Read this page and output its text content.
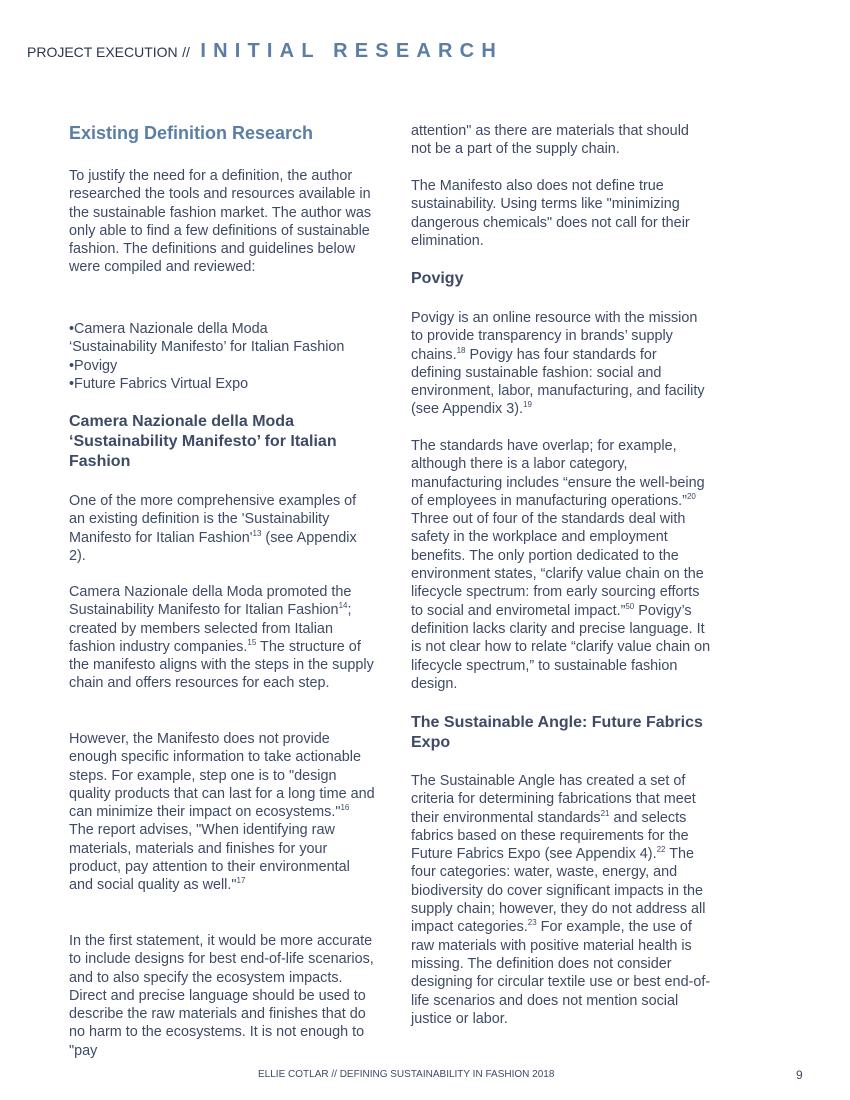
PROJECT EXECUTION // INITIAL RESEARCH
Existing Definition Research

To justify the need for a definition, the author researched the tools and resources available in the sustainable fashion market. The author was only able to find a few definitions of sustainable fashion. The definitions and guidelines below were compiled and reviewed:

•Camera Nazionale della Moda
‘Sustainability Manifesto’ for Italian Fashion
•Povigy
•Future Fabrics Virtual Expo
Camera Nazionale della Moda ‘Sustainability Manifesto’ for Italian Fashion

One of the more comprehensive examples of an existing definition is the 'Sustainability Manifesto for Italian $Fashion'^{13}$ (see Appendix 2).

Camera Nazionale della Moda promoted the Sustainability Manifesto for Italian Fashion$^{14}$; created by members selected from Italian fashion industry companies.$^{15}$ The structure of the manifesto aligns with the steps in the supply chain and offers resources for each step.

However, the Manifesto does not provide enough specific information to take actionable steps. For example, step one is to "design quality products that can last for a long time and can minimize their impact on ecosystems."$^{16}$ The report advises, "When identifying raw materials, materials and finishes for your product, pay attention to their environmental and social quality as well."$^{17}$

In the first statement, it would be more accurate to include designs for best end-of-life scenarios, and to also specify the ecosystem impacts. Direct and precise language should be used to describe the raw materials and finishes that do no harm to the ecosystems. It is not enough to "pay

attention" as there are materials that should not be a part of the supply chain.

The Manifesto also does not define true sustainability. Using terms like "minimizing dangerous chemicals" does not call for their elimination.

Povigy

Povigy is an online resource with the mission to provide transparency in brands’ supply chains.$^{18}$ Povigy has four standards for defining sustainable fashion: social and environment, labor, manufacturing, and facility (see Appendix 3).$^{19}$

The standards have overlap; for example, although there is a labor category, manufacturing includes “ensure the well-being of employees in manufacturing operations.”$^{20}$ Three out of four of the standards deal with safety in the workplace and employment benefits. The only portion dedicated to the environment states, “clarify value chain on the lifecycle spectrum: from early sourcing efforts to social and envirometal impact.”$^{50}$ Povigy’s definition lacks clarity and precise language. It is not clear how to relate “clarify value chain on lifecycle spectrum,” to sustainable fashion design.

The Sustainable Angle: Future Fabrics Expo

The Sustainable Angle has created a set of criteria for determining fabrications that meet their environmental standards$^{21}$ and selects fabrics based on these requirements for the Future Fabrics Expo (see Appendix 4).$^{22}$ The four categories: water, waste, energy, and biodiversity do cover significant impacts in the supply chain; however, they do not address all impact categories.$^{23}$ For example, the use of raw materials with positive material health is missing. The definition does not consider designing for circular textile use or best end-of-life scenarios and does not mention social justice or labor.

ELLIE COTLAR // DEFINING SUSTAINABILITY IN FASHION 2018	9
